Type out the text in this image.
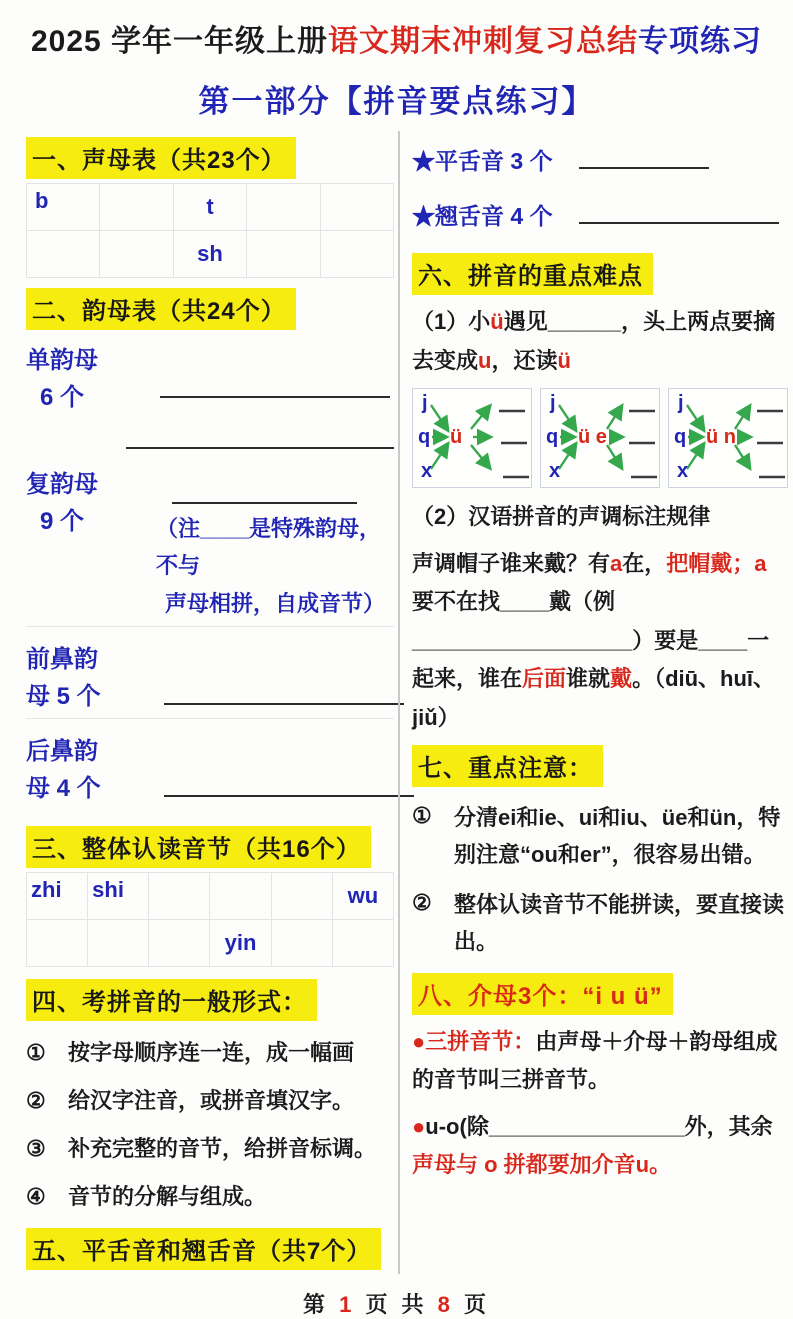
2025 学年一年级上册语文期末冲刺复习总结专项练习
第一部分【拼音要点练习】
一、声母表（共23个）
b		t		
		sh		
二、韵母表（共24个）
单韵母
6 个
复韵母
9 个	（注____是特殊韵母，不与
声母相拼，自成音节）
前鼻韵
母 5 个
后鼻韵
母 4 个
三、整体认读音节（共16个）
zhi	shi				wu
			yin		
四、考拼音的一般形式：
①	按字母顺序连一连，成一幅画
②	给汉字注音，或拼音填汉字。
③	补充完整的音节，给拼音标调。
④	音节的分解与组成。
五、平舌音和翘舌音（共7个）
★平舌音 3 个
★翘舌音 4 个
六、拼音的重点难点
（1）小ü遇见______，头上两点要摘去变成u，还读ü
j
q
x
ü
j
q
x
ü e
j
q
x
ü n
（2）汉语拼音的声调标注规律
声调帽子谁来戴？有a在，把帽戴；a要不在找____戴（例__________________）要是____一起来，谁在后面谁就戴。（diū、huī、jiǔ）
七、重点注意：
①	分清ei和ie、ui和iu、üe和ün，特别注意“ou和er”，很容易出错。
②	整体认读音节不能拼读，要直接读出。
八、介母3个：“i u ü”
●三拼音节：由声母＋介母＋韵母组成的音节叫三拼音节。
●u-o(除________________外，其余声母与 o 拼都要加介音u。
第 1 页 共 8 页
